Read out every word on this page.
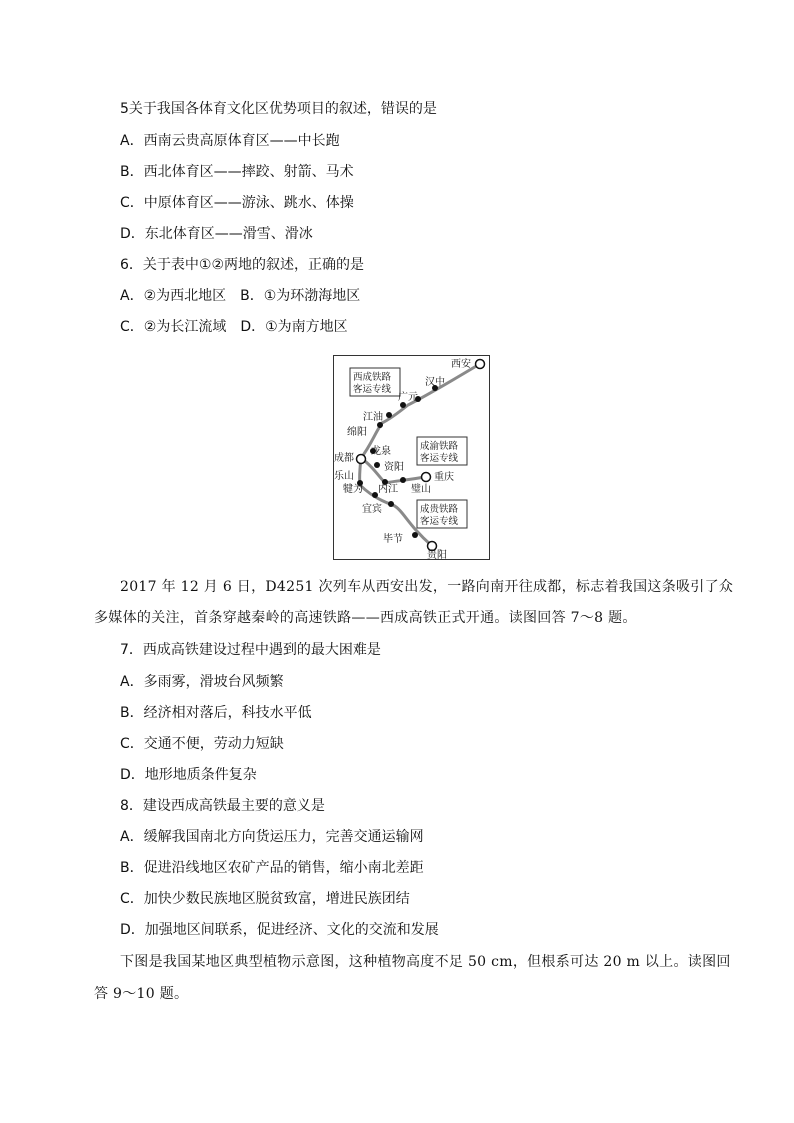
5关于我国各体育文化区优势项目的叙述，错误的是
A．西南云贵高原体育区——中长跑
B．西北体育区——摔跤、射箭、马术
C．中原体育区——游泳、跳水、体操
D．东北体育区——滑雪、滑冰
6．关于表中①②两地的叙述，正确的是
A．②为西北地区　B．①为环渤海地区
C．②为长江流域　D．①为南方地区
西成铁路
客运专线
成渝铁路
客运专线
成贵铁路
客运专线
西安
汉中
广元
江油
绵阳
成都
龙泉
资阳
重庆
乐山
犍为 内江 璧山
宜宾
毕节
贵阳
2017 年 12 月 6 日，D4251 次列车从西安出发，一路向南开往成都，标志着我国这条吸引了众
多媒体的关注，首条穿越秦岭的高速铁路——西成高铁正式开通。读图回答 7～8 题。
7．西成高铁建设过程中遇到的最大困难是
A．多雨雾，滑坡台风频繁
B．经济相对落后，科技水平低
C．交通不便，劳动力短缺
D．地形地质条件复杂
8．建设西成高铁最主要的意义是
A．缓解我国南北方向货运压力，完善交通运输网
B．促进沿线地区农矿产品的销售，缩小南北差距
C．加快少数民族地区脱贫致富，增进民族团结
D．加强地区间联系，促进经济、文化的交流和发展
下图是我国某地区典型植物示意图，这种植物高度不足 50 cm，但根系可达 20 m 以上。读图回
答 9～10 题。
